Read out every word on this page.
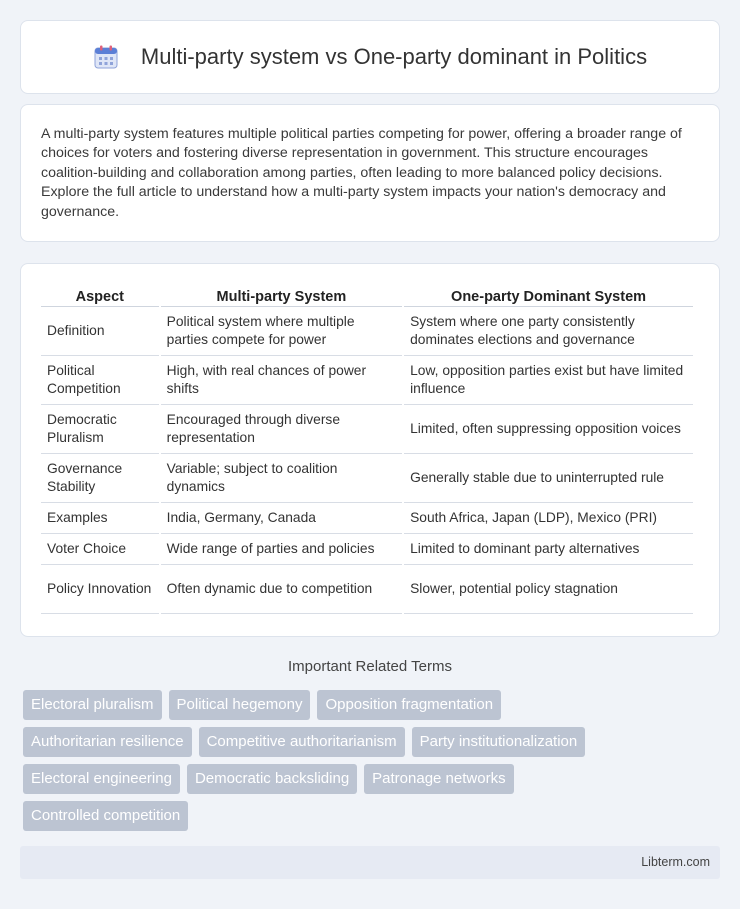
Multi-party system vs One-party dominant in Politics

A multi-party system features multiple political parties competing for power, offering a broader range of choices for voters and fostering diverse representation in government. This structure encourages coalition-building and collaboration among parties, often leading to more balanced policy decisions. Explore the full article to understand how a multi-party system impacts your nation's democracy and governance.

Aspect	Multi-party System	One-party Dominant System
Definition	Political system where multiple parties compete for power	System where one party consistently dominates elections and governance
Political Competition	High, with real chances of power shifts	Low, opposition parties exist but have limited influence
Democratic Pluralism	Encouraged through diverse representation	Limited, often suppressing opposition voices
Governance Stability	Variable; subject to coalition dynamics	Generally stable due to uninterrupted rule
Examples	India, Germany, Canada	South Africa, Japan (LDP), Mexico (PRI)
Voter Choice	Wide range of parties and policies	Limited to dominant party alternatives
Policy Innovation	Often dynamic due to competition	Slower, potential policy stagnation
Important Related Terms
Electoral pluralism	Political hegemony	Opposition fragmentation
Authoritarian resilience	Competitive authoritarianism	Party institutionalization
Electoral engineering	Democratic backsliding	Patronage networks
Controlled competition
Libterm.com
